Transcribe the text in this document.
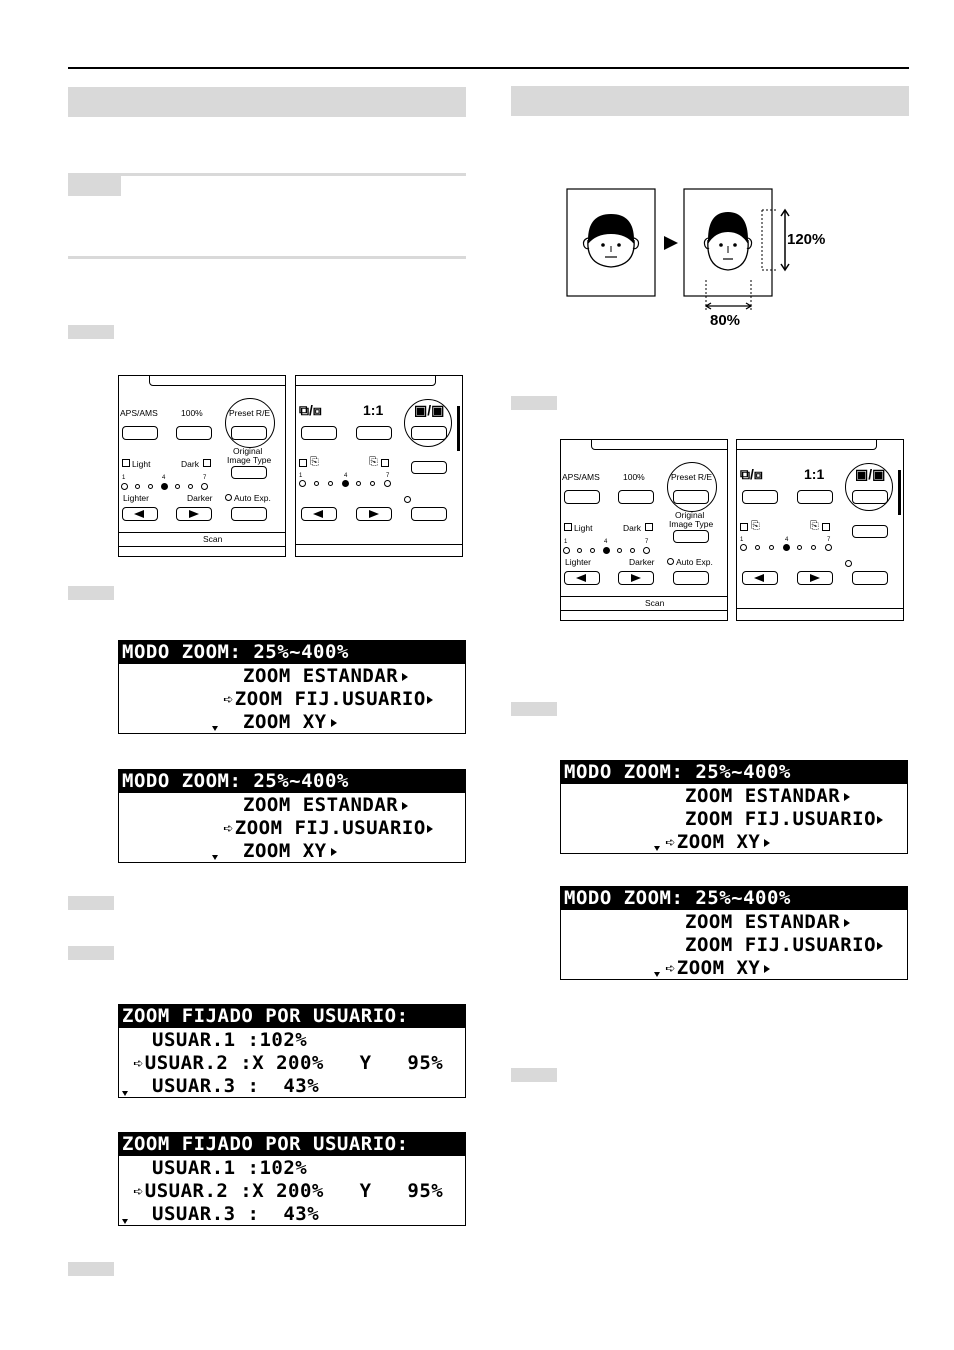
120%
80%
APS/AMS	100%	Preset R/E
Light	Dark
Original
Image Type
1	4	7
Lighter	Darker	Auto Exp.
Scan
⧉/⧈	1:1 ▣/▣
⎘	⎘
1	4	7	APS/AMS	100%	Preset R/E
Light	Dark
Original
Image Type
1	4	7
Lighter	Darker	Auto Exp.
Scan
⧉/⧈	1:1 ▣/▣
⎘	⎘
1	4	7
MODO ZOOM: 25%~400%
ZOOM ESTANDAR
➪ZOOM FIJ.USUARIO
ZOOM XY
MODO ZOOM: 25%~400%
ZOOM ESTANDAR
➪ZOOM FIJ.USUARIO
ZOOM XY
ZOOM FIJADO POR USUARIO:
USUAR.1 :102%
➪USUAR.2 :X 200%   Y   95%
USUAR.3 :  43%
ZOOM FIJADO POR USUARIO:
USUAR.1 :102%
➪USUAR.2 :X 200%   Y   95%
USUAR.3 :  43%
MODO ZOOM: 25%~400%
ZOOM ESTANDAR
ZOOM FIJ.USUARIO
➪ZOOM XY
MODO ZOOM: 25%~400%
ZOOM ESTANDAR
ZOOM FIJ.USUARIO
➪ZOOM XY
